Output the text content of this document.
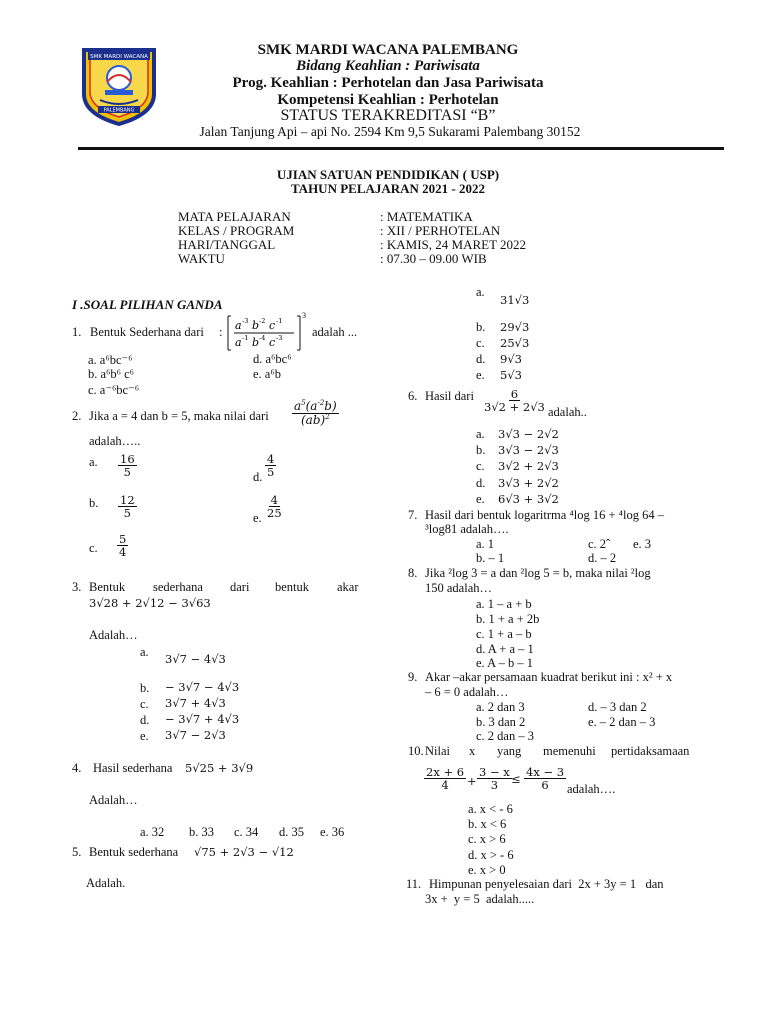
SMK MARDI WACANA
PALEMBANG
SMK MARDI WACANA PALEMBANG
Bidang Keahlian : Pariwisata
Prog. Keahlian : Perhotelan dan Jasa Pariwisata
Kompetensi Keahlian : Perhotelan
STATUS TERAKREDITASI “B”
Jalan Tanjung Api – api No. 2594 Km 9,5 Sukarami Palembang 30152
UJIAN SATUAN PENDIDIKAN ( USP)
TAHUN PELAJARAN 2021 - 2022
MATA PELAJARAN	: MATEMATIKA
KELAS / PROGRAM	: XII / PERHOTELAN
HARI/TANGGAL	: KAMIS, 24 MARET 2022
WAKTU	: 07.30 – 09.00 WIB
I .SOAL PILIHAN GANDA
1. Bentuk Sederhana dari : a -3 b -2 c -1
a -1 b -4 c -3
3
adalah ...
a. a⁶bc⁻⁶	d. a⁶bc⁶
b. a⁶b⁶ c⁶	e. a⁶b
c. a⁻⁶bc⁻⁶
2. Jika a = 4 dan b = 5, maka nilai dari $\frac{a^5(a^{-2}b)}{(ab)^2}$
adalah…..
a. $\frac{16}{5}$	d. $\frac{4}{5}$
b. $\frac{12}{5}$	e. $\frac{4}{25}$
c. $\frac{5}{4}$
3. Bentuk sederhana dari bentuk akar
3√28 + 2√12 − 3√63
Adalah…
a. 3√7 − 4√3
b. − 3√7 − 4√3
c. 3√7 + 4√3
d. − 3√7 + 4√3
e. 3√7 − 2√3
4. Hasil sederhana 5√25 + 3√9
Adalah…
a. 32 b. 33 c. 34 d. 35 e. 36
5. Bentuk sederhana √75 + 2√3 − √12
Adalah.
a.
31√3
b. 29√3
c. 25√3
d. 9√3
e. 5√3
6. Hasil dari $\frac{6}{3√2 + 2√3}$ adalah..
a. 3√3 − 2√2
b. 3√3 − 2√3
c. 3√2 + 2√3
d. 3√3 + 2√2
e. 6√3 + 3√2
7. Hasil dari bentuk logaritrma ⁴log 16 + ⁴log 64 –
³log81 adalah….
a. 1	c. 2ˆ e. 3
b. – 1	d. – 2
8. Jika ²log 3 = a dan ²log 5 = b, maka nilai ²log
150 adalah…
a. 1 – a + b
b. 1 + a + 2b
c. 1 + a – b
d. A + a – 1
e. A – b – 1
9. Akar –akar persamaan kuadrat berikut ini : x² + x
– 6 = 0 adalah…
a. 2 dan 3	d. – 3 dan 2
b. 3 dan 2	e. – 2 dan – 3
c. 2 dan – 3
10. Nilai x yang memenuhi pertidaksamaan
$\frac{2x + 6}{4} + \frac{3 - x}{3} \le \frac{4x - 3}{6}$ adalah….
a. x < - 6
b. x < 6
c. x > 6
d. x > - 6
e. x > 0
11. Himpunan penyelesaian dari  2x + 3y = 1   dan
3x +  y = 5  adalah.....
